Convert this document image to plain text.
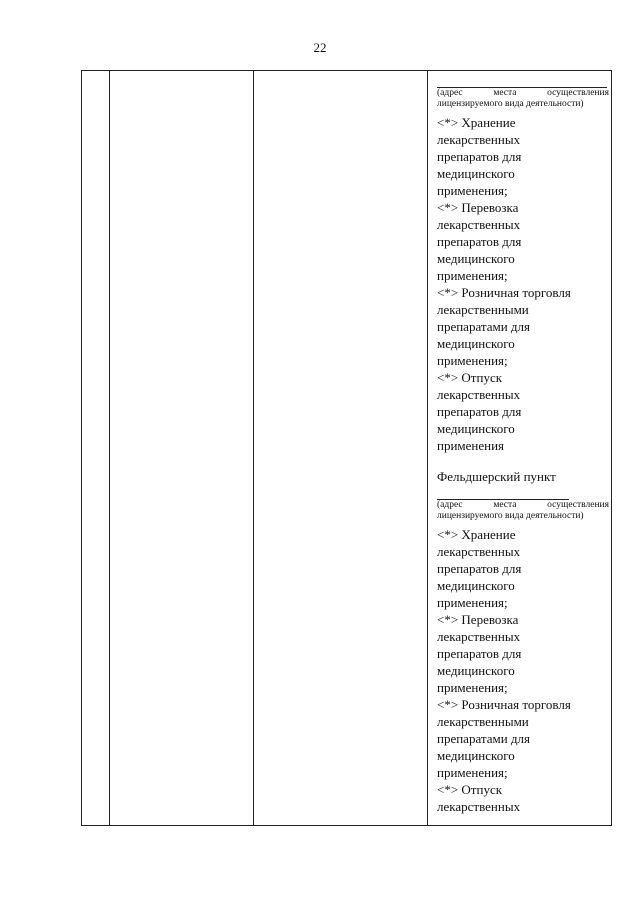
22
(адрес места осуществления

лицензируемого вида деятельности)
<*> Хранение
лекарственных
препаратов для
медицинского
применения;
<*> Перевозка
лекарственных
препаратов для
медицинского
применения;
<*> Розничная торговля
лекарственными
препаратами для
медицинского
применения;
<*> Отпуск
лекарственных
препаратов для
медицинского
применения
Фельдшерский пункт
(адрес места осуществления

лицензируемого вида деятельности)
<*> Хранение
лекарственных
препаратов для
медицинского
применения;
<*> Перевозка
лекарственных
препаратов для
медицинского
применения;
<*> Розничная торговля
лекарственными
препаратами для
медицинского
применения;
<*> Отпуск
лекарственных
